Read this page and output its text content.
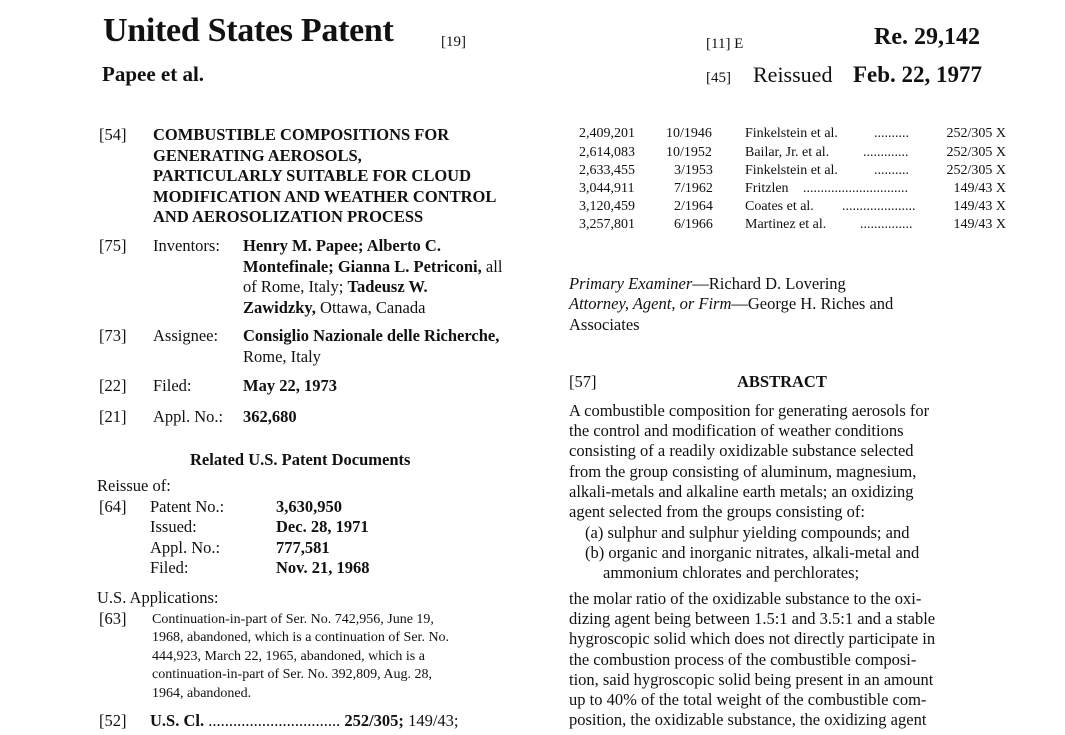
United States Patent	[19]
Papee et al.
[11] E	Re. 29,142
[45] Reissued Feb. 22, 1977
[54] COMBUSTIBLE COMPOSITIONS FOR
GENERATING AEROSOLS,
PARTICULARLY SUITABLE FOR CLOUD
MODIFICATION AND WEATHER CONTROL
AND AEROSOLIZATION PROCESS
[75] Inventors: Henry M. Papee; Alberto C.
Montefinale; Gianna L. Petriconi, all
of Rome, Italy; Tadeusz W.
Zawidzky, Ottawa, Canada
[73] Assignee: Consiglio Nazionale delle Richerche,
Rome, Italy
[22] Filed:	May 22, 1973
[21] Appl. No.: 362,680
Related U.S. Patent Documents
Reissue of:
[64] Patent No.:	3,630,950
Issued:	Dec. 28, 1971
Appl. No.:	777,581
Filed:	Nov. 21, 1968
U.S. Applications:
[63] Continuation-in-part of Ser. No. 742,956, June 19,
1968, abandoned, which is a continuation of Ser. No.
444,923, March 22, 1965, abandoned, which is a
continuation-in-part of Ser. No. 392,809, Aug. 28,
1964, abandoned.
[52] U.S. Cl. ................................ 252/305; 149/43;
2,409,201 10/1946 Finkelstein et al.	..........	252/305 X
2,614,083 10/1952 Bailar, Jr. et al. .............	252/305 X
2,633,455	3/1953 Finkelstein et al.	..........	252/305 X
3,044,911	7/1962 Fritzlen ..............................	149/43 X
3,120,459	2/1964 Coates et al. .....................	149/43 X
3,257,801	6/1966 Martinez et al. ...............	149/43 X
Primary Examiner—Richard D. Lovering
Attorney, Agent, or Firm—George H. Riches and
Associates
[57]	ABSTRACT
A combustible composition for generating aerosols for
the control and modification of weather conditions
consisting of a readily oxidizable substance selected
from the group consisting of aluminum, magnesium,
alkali-metals and alkaline earth metals; an oxidizing
agent selected from the groups consisting of:
(a) sulphur and sulphur yielding compounds; and
(b) organic and inorganic nitrates, alkali-metal and
ammonium chlorates and perchlorates;
the molar ratio of the oxidizable substance to the oxi-
dizing agent being between 1.5:1 and 3.5:1 and a stable
hygroscopic solid which does not directly participate in
the combustion process of the combustible composi-
tion, said hygroscopic solid being present in an amount
up to 40% of the total weight of the combustible com-
position, the oxidizable substance, the oxidizing agent
